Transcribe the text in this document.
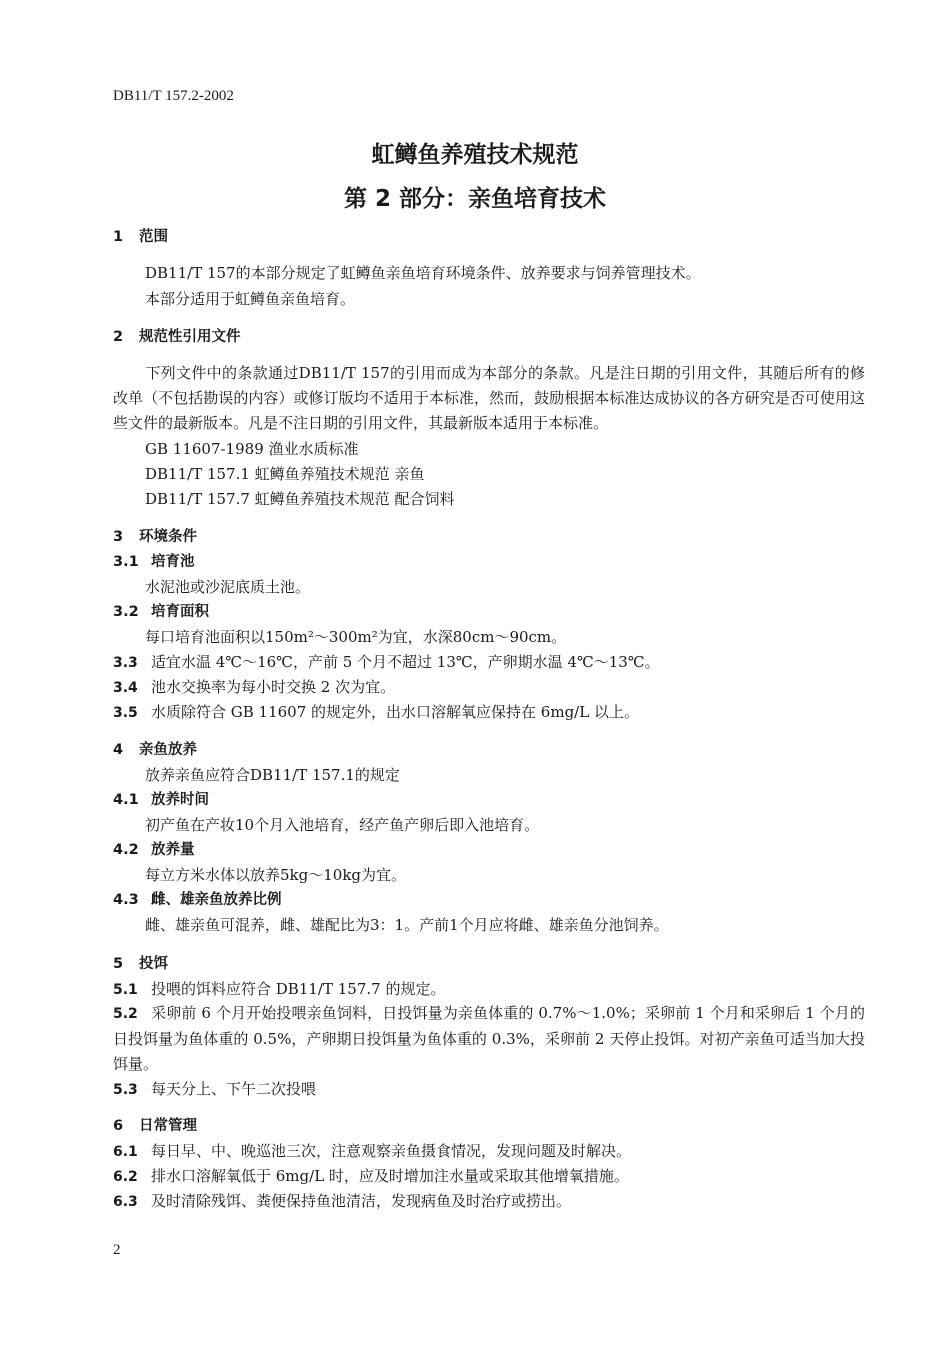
DB11/T 157.2-2002
虹鳟鱼养殖技术规范
第 2 部分：亲鱼培育技术
1 范围
DB11/T 157的本部分规定了虹鳟鱼亲鱼培育环境条件、放养要求与饲养管理技术。
本部分适用于虹鳟鱼亲鱼培育。
2 规范性引用文件
下列文件中的条款通过DB11/T 157的引用而成为本部分的条款。凡是注日期的引用文件，其随后所有的修改单（不包括勘误的内容）或修订版均不适用于本标准，然而，鼓励根据本标准达成协议的各方研究是否可使用这些文件的最新版本。凡是不注日期的引用文件，其最新版本适用于本标准。
GB 11607-1989 渔业水质标准
DB11/T 157.1 虹鳟鱼养殖技术规范 亲鱼
DB11/T 157.7 虹鳟鱼养殖技术规范 配合饲料
3 环境条件
3.1 培育池
水泥池或沙泥底质土池。
3.2 培育面积
每口培育池面积以150m²～300m²为宜，水深80cm～90cm。
3.3 适宜水温 4℃～16℃，产前 5 个月不超过 13℃，产卵期水温 4℃～13℃。
3.4 池水交换率为每小时交换 2 次为宜。
3.5 水质除符合 GB 11607 的规定外，出水口溶解氧应保持在 6mg/L 以上。
4 亲鱼放养
放养亲鱼应符合DB11/T 157.1的规定
4.1 放养时间
初产鱼在产妆10个月入池培育，经产鱼产卵后即入池培育。
4.2 放养量
每立方米水体以放养5kg～10kg为宜。
4.3 雌、雄亲鱼放养比例
雌、雄亲鱼可混养，雌、雄配比为3：1。产前1个月应将雌、雄亲鱼分池饲养。
5 投饵
5.1 投喂的饵料应符合 DB11/T 157.7 的规定。
5.2 采卵前 6 个月开始投喂亲鱼饲料，日投饵量为亲鱼体重的 0.7%～1.0%；采卵前 1 个月和采卵后 1 个月的日投饵量为鱼体重的 0.5%，产卵期日投饵量为鱼体重的 0.3%，采卵前 2 天停止投饵。对初产亲鱼可适当加大投饵量。
5.3 每天分上、下午二次投喂
6 日常管理
6.1 每日早、中、晚巡池三次，注意观察亲鱼摄食情况，发现问题及时解决。
6.2 排水口溶解氧低于 6mg/L 时，应及时增加注水量或采取其他增氧措施。
6.3 及时清除残饵、粪便保持鱼池清洁，发现病鱼及时治疗或捞出。
2
